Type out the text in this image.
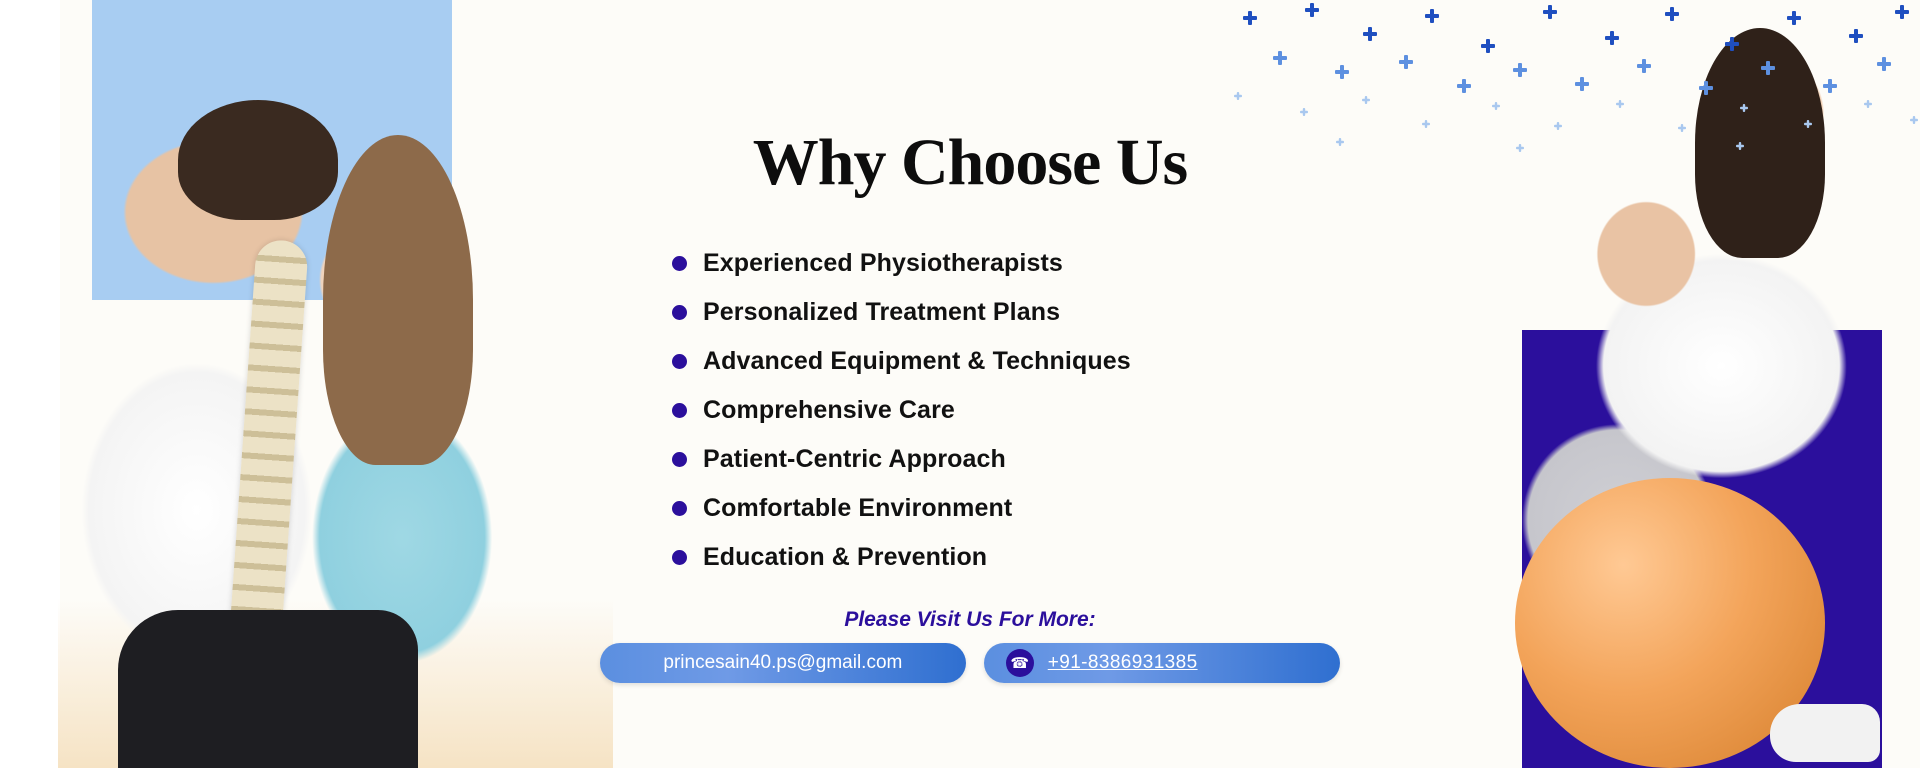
Why Choose Us
Experienced Physiotherapists
Personalized Treatment Plans
Advanced Equipment & Techniques
Comprehensive Care
Patient-Centric Approach
Comfortable Environment
Education & Prevention
Please Visit Us For More:
princesain40.ps@gmail.com	☎ +91-8386931385
